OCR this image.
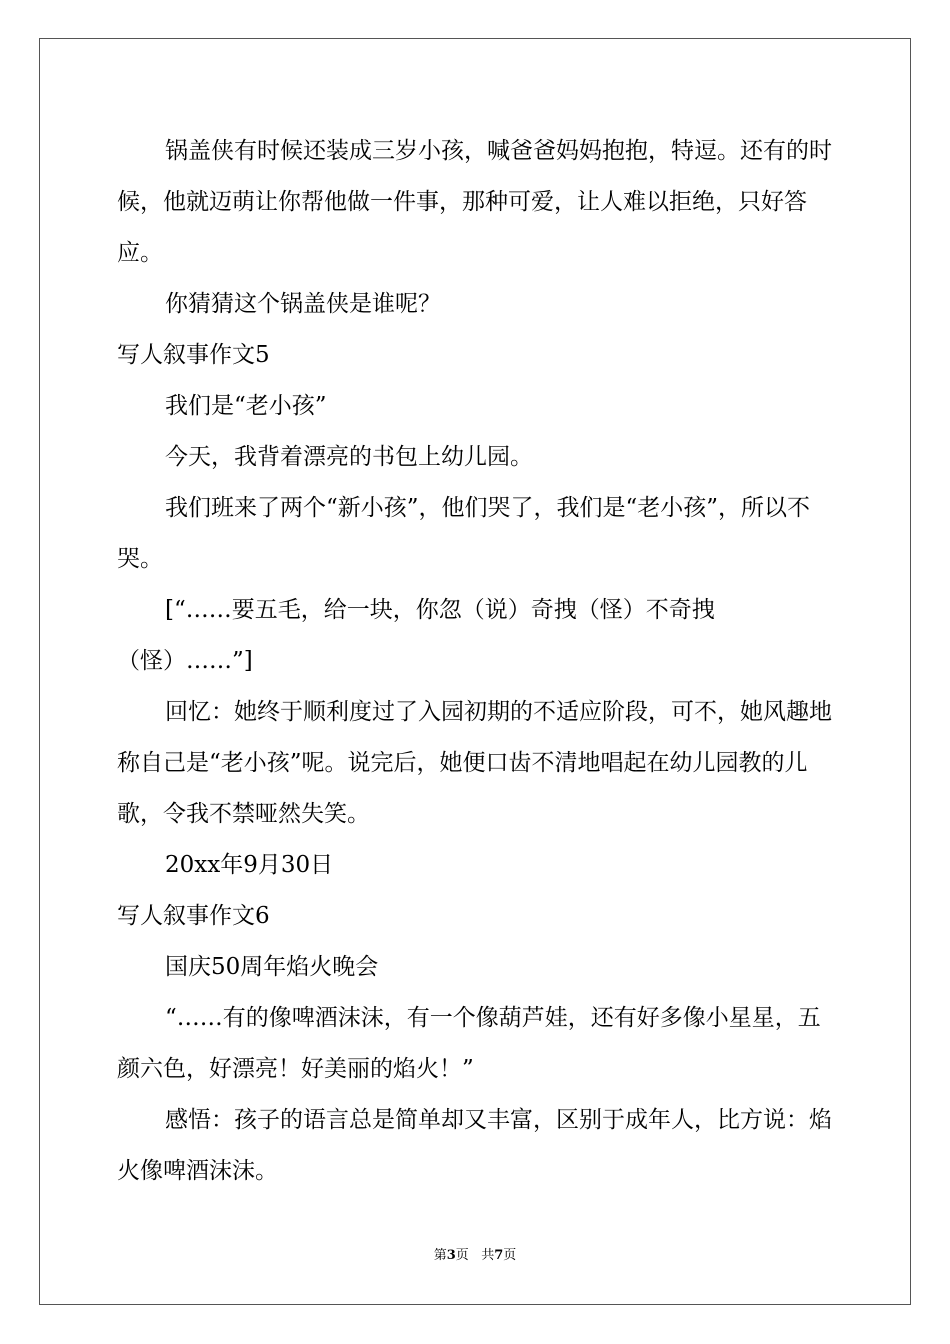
锅盖侠有时候还装成三岁小孩，喊爸爸妈妈抱抱，特逗。还有的时候，他就迈萌让你帮他做一件事，那种可爱，让人难以拒绝，只好答应。

你猜猜这个锅盖侠是谁呢？

写人叙事作文5

我们是“老小孩”

今天，我背着漂亮的书包上幼儿园。

我们班来了两个“新小孩”，他们哭了，我们是“老小孩”，所以不哭。

[“……要五毛，给一块，你忽（说）奇拽（怪）不奇拽（怪）……”]

回忆：她终于顺利度过了入园初期的不适应阶段，可不，她风趣地称自己是“老小孩”呢。说完后，她便口齿不清地唱起在幼儿园教的儿歌，令我不禁哑然失笑。

20xx年9月30日

写人叙事作文6

国庆50周年焰火晚会

“……有的像啤酒沫沫，有一个像葫芦娃，还有好多像小星星，五颜六色，好漂亮！好美丽的焰火！”

感悟：孩子的语言总是简单却又丰富，区别于成年人，比方说：焰火像啤酒沫沫。

第3页 共7页
